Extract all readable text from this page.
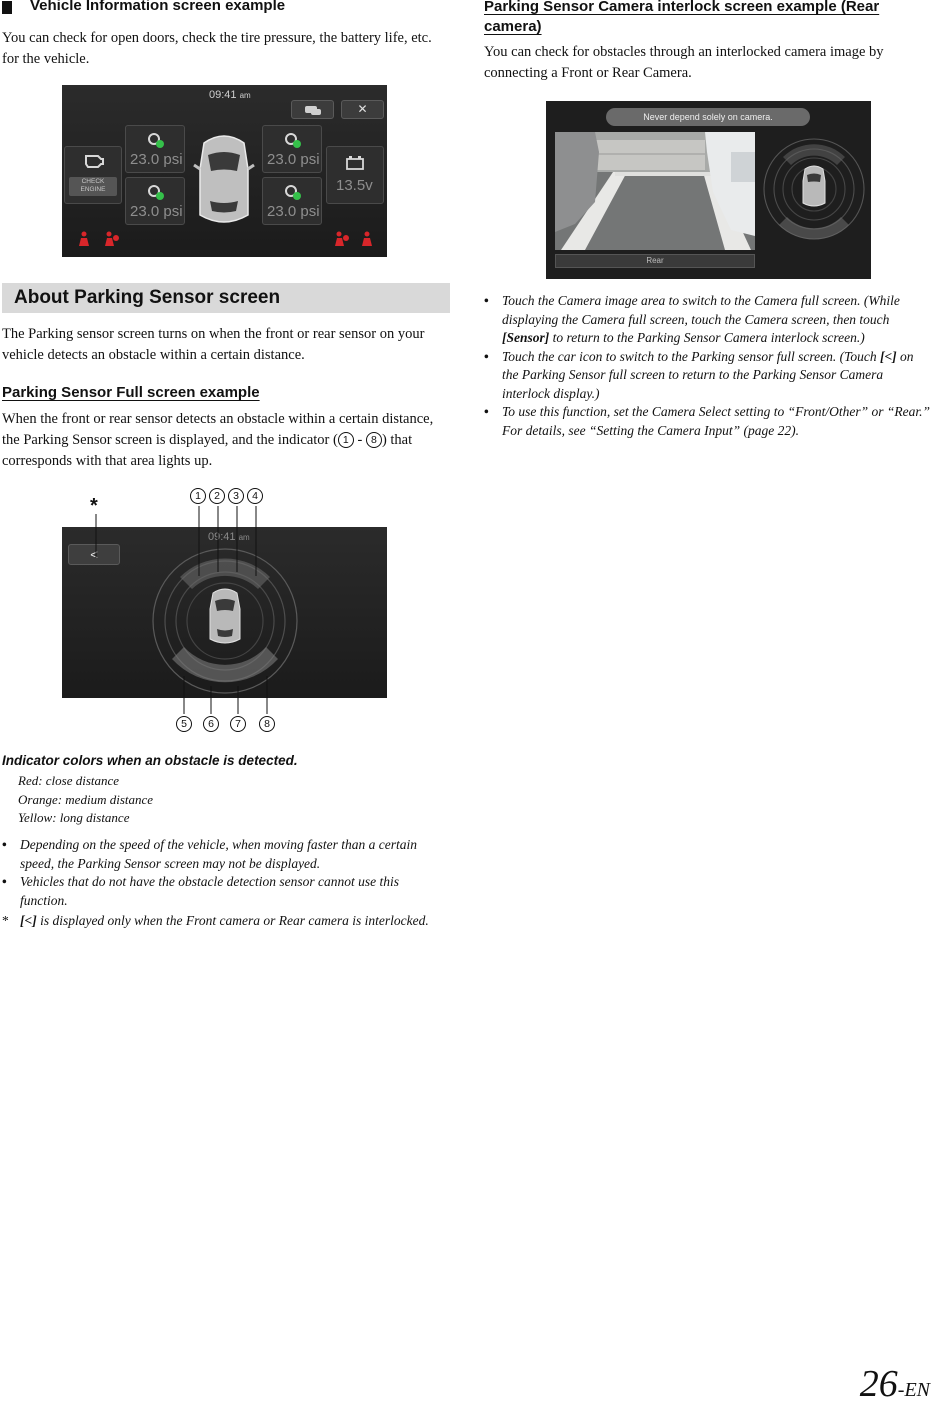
Vehicle Information screen example

You can check for open doors, check the tire pressure, the battery life, etc. for the vehicle.

09:41 am
✕
CHECK
ENGINE
23.0 psi
23.0 psi
23.0 psi
23.0 psi
13.5v
About Parking Sensor screen

The Parking sensor screen turns on when the front or rear sensor on your vehicle detects an obstacle within a certain distance.

Parking Sensor Full screen example

When the front or rear sensor detects an obstacle within a certain distance, the Parking Sensor screen is displayed, and the indicator ( 1 - 8 ) that corresponds with that area lights up.

*	1	2	3	4
<
09:41 am
5	6	7	8
Indicator colors when an obstacle is detected.
Red: close distance
Orange: medium distance
Yellow: long distance
• Depending on the speed of the vehicle, when moving faster than a certain speed, the Parking Sensor screen may not be displayed.
• Vehicles that do not have the obstacle detection sensor cannot use this function.
* [<] is displayed only when the Front camera or Rear camera is interlocked.
Parking Sensor Camera interlock screen example (Rear camera)

You can check for obstacles through an interlocked camera image by connecting a Front or Rear Camera.

Never depend solely on camera.
Rear
• Touch the Camera image area to switch to the Camera full screen. (While displaying the Camera full screen, touch the Camera screen, then touch [Sensor] to return to the Parking Sensor Camera interlock screen.)
• Touch the car icon to switch to the Parking sensor full screen. (Touch [<] on the Parking Sensor full screen to return to the Parking Sensor Camera interlock display.)
• To use this function, set the Camera Select setting to “Front/Other” or “Rear.” For details, see “Setting the Camera Input” (page 22).
26-EN
